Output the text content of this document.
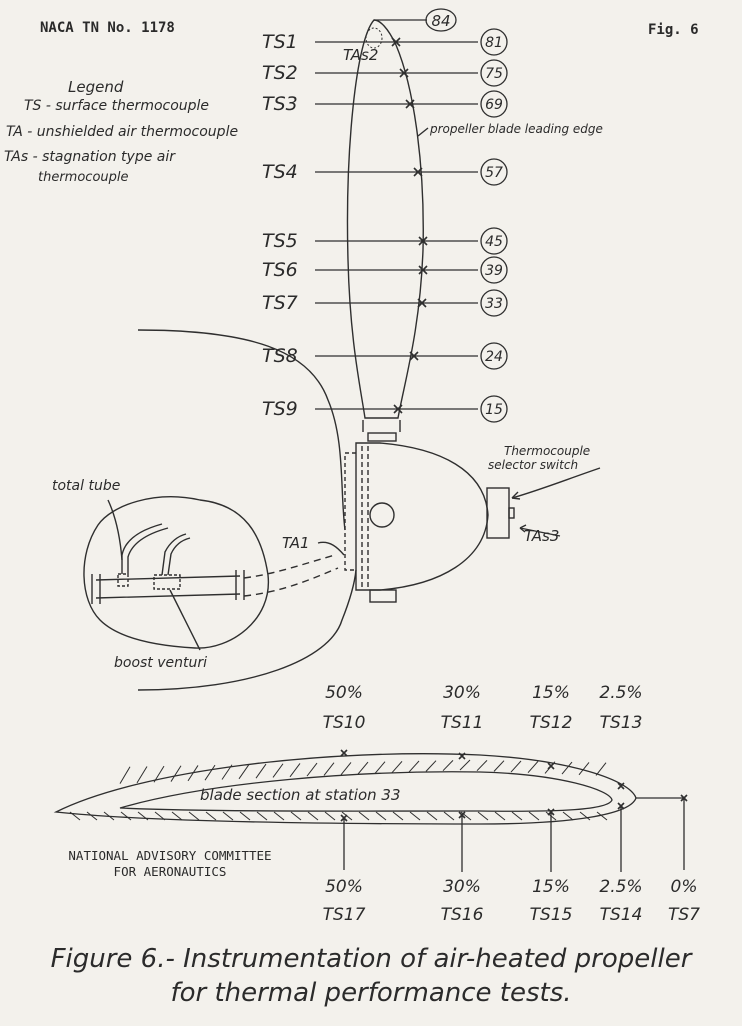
NACA TN No. 1178	Fig. 6
Legend
TS - surface thermocouple
TA - unshielded air thermocouple
TAs - stagnation type air
thermocouple
84
TS1	81
TS2	75
TS3	69
TS4	57
TS5	45
TS6	39
TS7	33
TS8	24
TS9	15
TAs2
propeller blade leading edge
Thermocouple
selector switch
TAs3
TA1
total tube
boost venturi
blade section at station 33
50%
TS10
30%
TS11
15%
TS12
2.5%
TS13
50%
TS17
30%
TS16
15%
TS15
2.5%
TS14
0%
TS7
NATIONAL ADVISORY COMMITTEE
FOR AERONAUTICS
Figure 6.- Instrumentation of air-heated propeller
for thermal performance tests.
